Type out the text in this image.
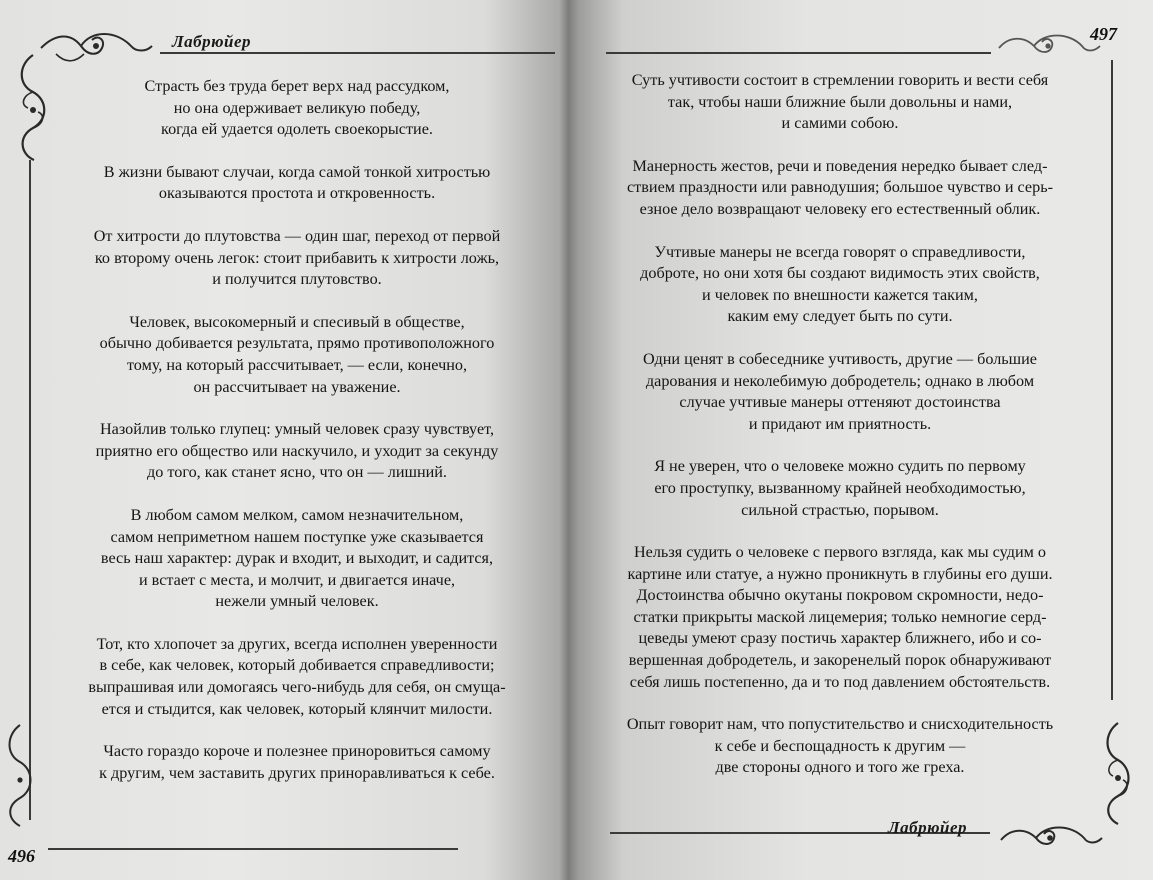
Лабрюйер

Страсть без труда берет верх над рассудком,
но она одерживает великую победу,
когда ей удается одолеть своекорыстие.

В жизни бывают случаи, когда самой тонкой хитростью
оказываются простота и откровенность.

От хитрости до плутовства — один шаг, переход от первой
ко второму очень легок: стоит прибавить к хитрости ложь,
и получится плутовство.

Человек, высокомерный и спесивый в обществе,
обычно добивается результата, прямо противоположного
тому, на который рассчитывает, — если, конечно,
он рассчитывает на уважение.

Назойлив только глупец: умный человек сразу чувствует,
приятно его общество или наскучило, и уходит за секунду
до того, как станет ясно, что он — лишний.

В любом самом мелком, самом незначительном,
самом неприметном нашем поступке уже сказывается
весь наш характер: дурак и входит, и выходит, и садится,
и встает с места, и молчит, и двигается иначе,
нежели умный человек.

Тот, кто хлопочет за других, всегда исполнен уверенности
в себе, как человек, который добивается справедливости;
выпрашивая или домогаясь чего-нибудь для себя, он смуща-
ется и стыдится, как человек, который клянчит милости.

Часто гораздо короче и полезнее приноровиться самому
к другим, чем заставить других приноравливаться к себе.

496
497

Суть учтивости состоит в стремлении говорить и вести себя
так, чтобы наши ближние были довольны и нами,
и самими собою.

Манерность жестов, речи и поведения нередко бывает след-
ствием праздности или равнодушия; большое чувство и серь-
езное дело возвращают человеку его естественный облик.

Учтивые манеры не всегда говорят о справедливости,
доброте, но они хотя бы создают видимость этих свойств,
и человек по внешности кажется таким,
каким ему следует быть по сути.

Одни ценят в собеседнике учтивость, другие — большие
дарования и неколебимую добродетель; однако в любом
случае учтивые манеры оттеняют достоинства
и придают им приятность.

Я не уверен, что о человеке можно судить по первому
его проступку, вызванному крайней необходимостью,
сильной страстью, порывом.

Нельзя судить о человеке с первого взгляда, как мы судим о
картине или статуе, а нужно проникнуть в глубины его души.
Достоинства обычно окутаны покровом скромности, недо-
статки прикрыты маской лицемерия; только немногие серд-
цеведы умеют сразу постичь характер ближнего, ибо и со-
вершенная добродетель, и закоренелый порок обнаруживают
себя лишь постепенно, да и то под давлением обстоятельств.

Опыт говорит нам, что попустительство и снисходительность
к себе и беспощадность к другим —
две стороны одного и того же греха.

Лабрюйер
